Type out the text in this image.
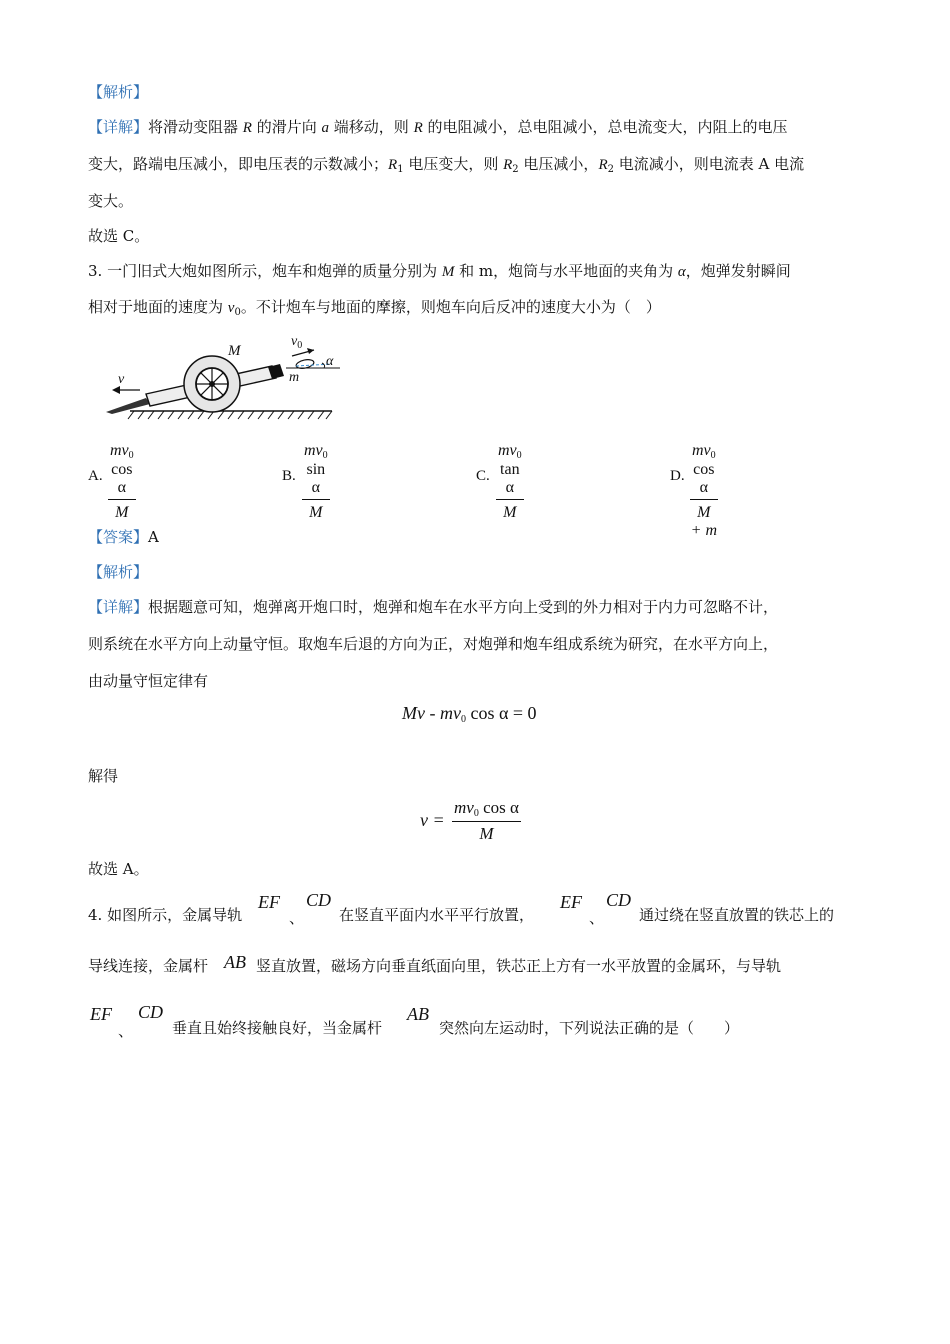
【解析】
【详解】将滑动变阻器 R 的滑片向 a 端移动，则 R 的电阻减小，总电阻减小，总电流变大，内阻上的电压
变大，路端电压减小，即电压表的示数减小；$R_1$ 电压变大，则 $R_2$ 电压减小，$R_2$ 电流减小，则电流表 A 电流
变大。
故选 C。
3. 一门旧式大炮如图所示，炮车和炮弹的质量分别为 M 和 m，炮筒与水平地面的夹角为 α，炮弹发射瞬间
相对于地面的速度为 $v_0$。不计炮车与地面的摩擦，则炮车向后反冲的速度大小为（　）
M
$v_0$
α
m
v
A. $\frac{mv_0 \cos \alpha}{M}$	B. $\frac{mv_0 \sin \alpha}{M}$	C. $\frac{mv_0 \tan \alpha}{M}$	D. $\frac{mv_0 \cos \alpha}{M + m}$
【答案】A
【解析】
【详解】根据题意可知，炮弹离开炮口时，炮弹和炮车在水平方向上受到的外力相对于内力可忽略不计，
则系统在水平方向上动量守恒。取炮车后退的方向为正，对炮弹和炮车组成系统为研究，在水平方向上，
由动量守恒定律有
Mv - $mv_0$ cos α = 0
解得
v =
$mv_0$ cos α
M
故选 A。
4. 如图所示，金属导轨
EF
、
CD
在竖直平面内水平平行放置，
EF
、
CD
通过绕在竖直放置的铁芯上的
导线连接，金属杆 AB 竖直放置，磁场方向垂直纸面向里，铁芯正上方有一水平放置的金属环，与导轨
EF
、
CD
垂直且始终接触良好，当金属杆
AB
突然向左运动时，下列说法正确的是（　　）
